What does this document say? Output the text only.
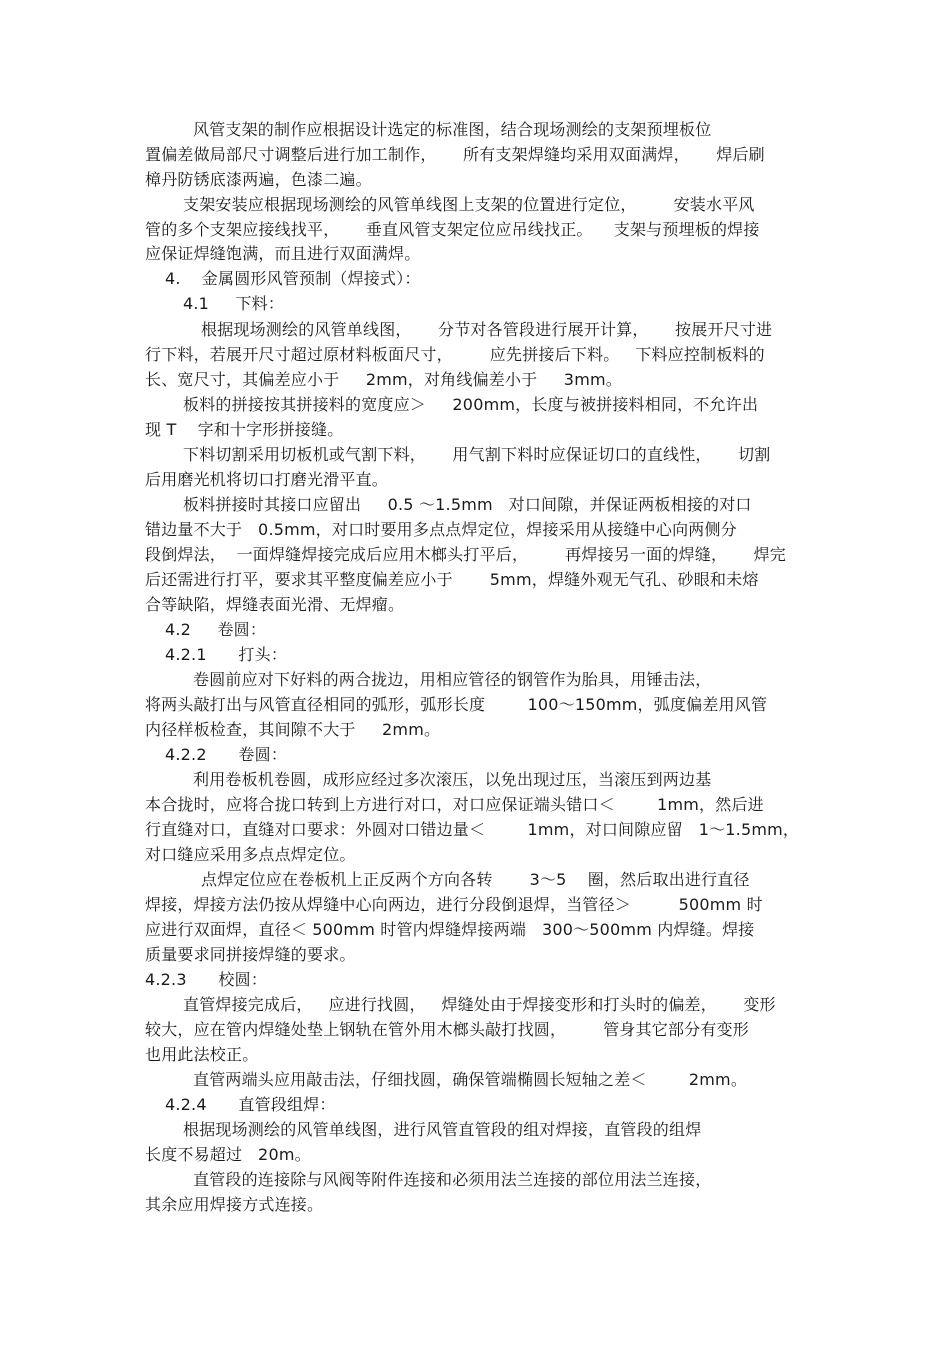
风管支架的制作应根据设计选定的标准图，结合现场测绘的支架预埋板位
置偏差做局部尺寸调整后进行加工制作，     所有支架焊缝均采用双面满焊，     焊后刷
樟丹防锈底漆两遍，色漆二遍。
支架安装应根据现场测绘的风管单线图上支架的位置进行定位，       安装水平风
管的多个支架应接线找平，     垂直风管支架定位应吊线找正。    支架与预埋板的焊接
应保证焊缝饱满，而且进行双面满焊。
4.    金属圆形风管预制（焊接式）：
4.1     下料：
根据现场测绘的风管单线图，     分节对各管段进行展开计算，     按展开尺寸进
行下料，若展开尺寸超过原材料板面尺寸，       应先拼接后下料。   下料应控制板料的
长、宽尺寸，其偏差应小于     2mm，对角线偏差小于     3mm。
板料的拼接按其拼接料的宽度应＞     200mm，长度与被拼接料相同，不允许出
现 T    字和十字形拼接缝。
下料切割采用切板机或气割下料，     用气割下料时应保证切口的直线性，     切割
后用磨光机将切口打磨光滑平直。
板料拼接时其接口应留出     0.5 ～1.5mm   对口间隙，并保证两板相接的对口
错边量不大于   0.5mm，对口时要用多点点焊定位，焊接采用从接缝中心向两侧分
段倒焊法，  一面焊缝焊接完成后应用木榔头打平后，       再焊接另一面的焊缝，     焊完
后还需进行打平，要求其平整度偏差应小于       5mm，焊缝外观无气孔、砂眼和未熔
合等缺陷，焊缝表面光滑、无焊瘤。
4.2     卷圆：
4.2.1      打头：
卷圆前应对下好料的两合拢边，用相应管径的钢管作为胎具，用锤击法，
将两头敲打出与风管直径相同的弧形，弧形长度        100～150mm，弧度偏差用风管
内径样板检查，其间隙不大于     2mm。
4.2.2      卷圆：
利用卷板机卷圆，成形应经过多次滚压，以免出现过压，当滚压到两边基
本合拢时，应将合拢口转到上方进行对口，对口应保证端头错口＜        1mm，然后进
行直缝对口，直缝对口要求：外圆对口错边量＜        1mm，对口间隙应留   1～1.5mm，
对口缝应采用多点点焊定位。
点焊定位应在卷板机上正反两个方向各转       3～5    圈，然后取出进行直径
焊接，焊接方法仍按从焊缝中心向两边，进行分段倒退焊，当管径＞         500mm 时
应进行双面焊，直径＜ 500mm 时管内焊缝焊接两端   300～500mm 内焊缝。焊接
质量要求同拼接焊缝的要求。
4.2.3      校圆：
直管焊接完成后，   应进行找圆，   焊缝处由于焊接变形和打头时的偏差，     变形
较大，应在管内焊缝处垫上钢轨在管外用木榔头敲打找圆，       管身其它部分有变形
也用此法校正。
直管两端头应用敲击法，仔细找圆，确保管端椭圆长短轴之差＜        2mm。
4.2.4      直管段组焊：
根据现场测绘的风管单线图，进行风管直管段的组对焊接，直管段的组焊
长度不易超过   20m。
直管段的连接除与风阀等附件连接和必须用法兰连接的部位用法兰连接，
其余应用焊接方式连接。
